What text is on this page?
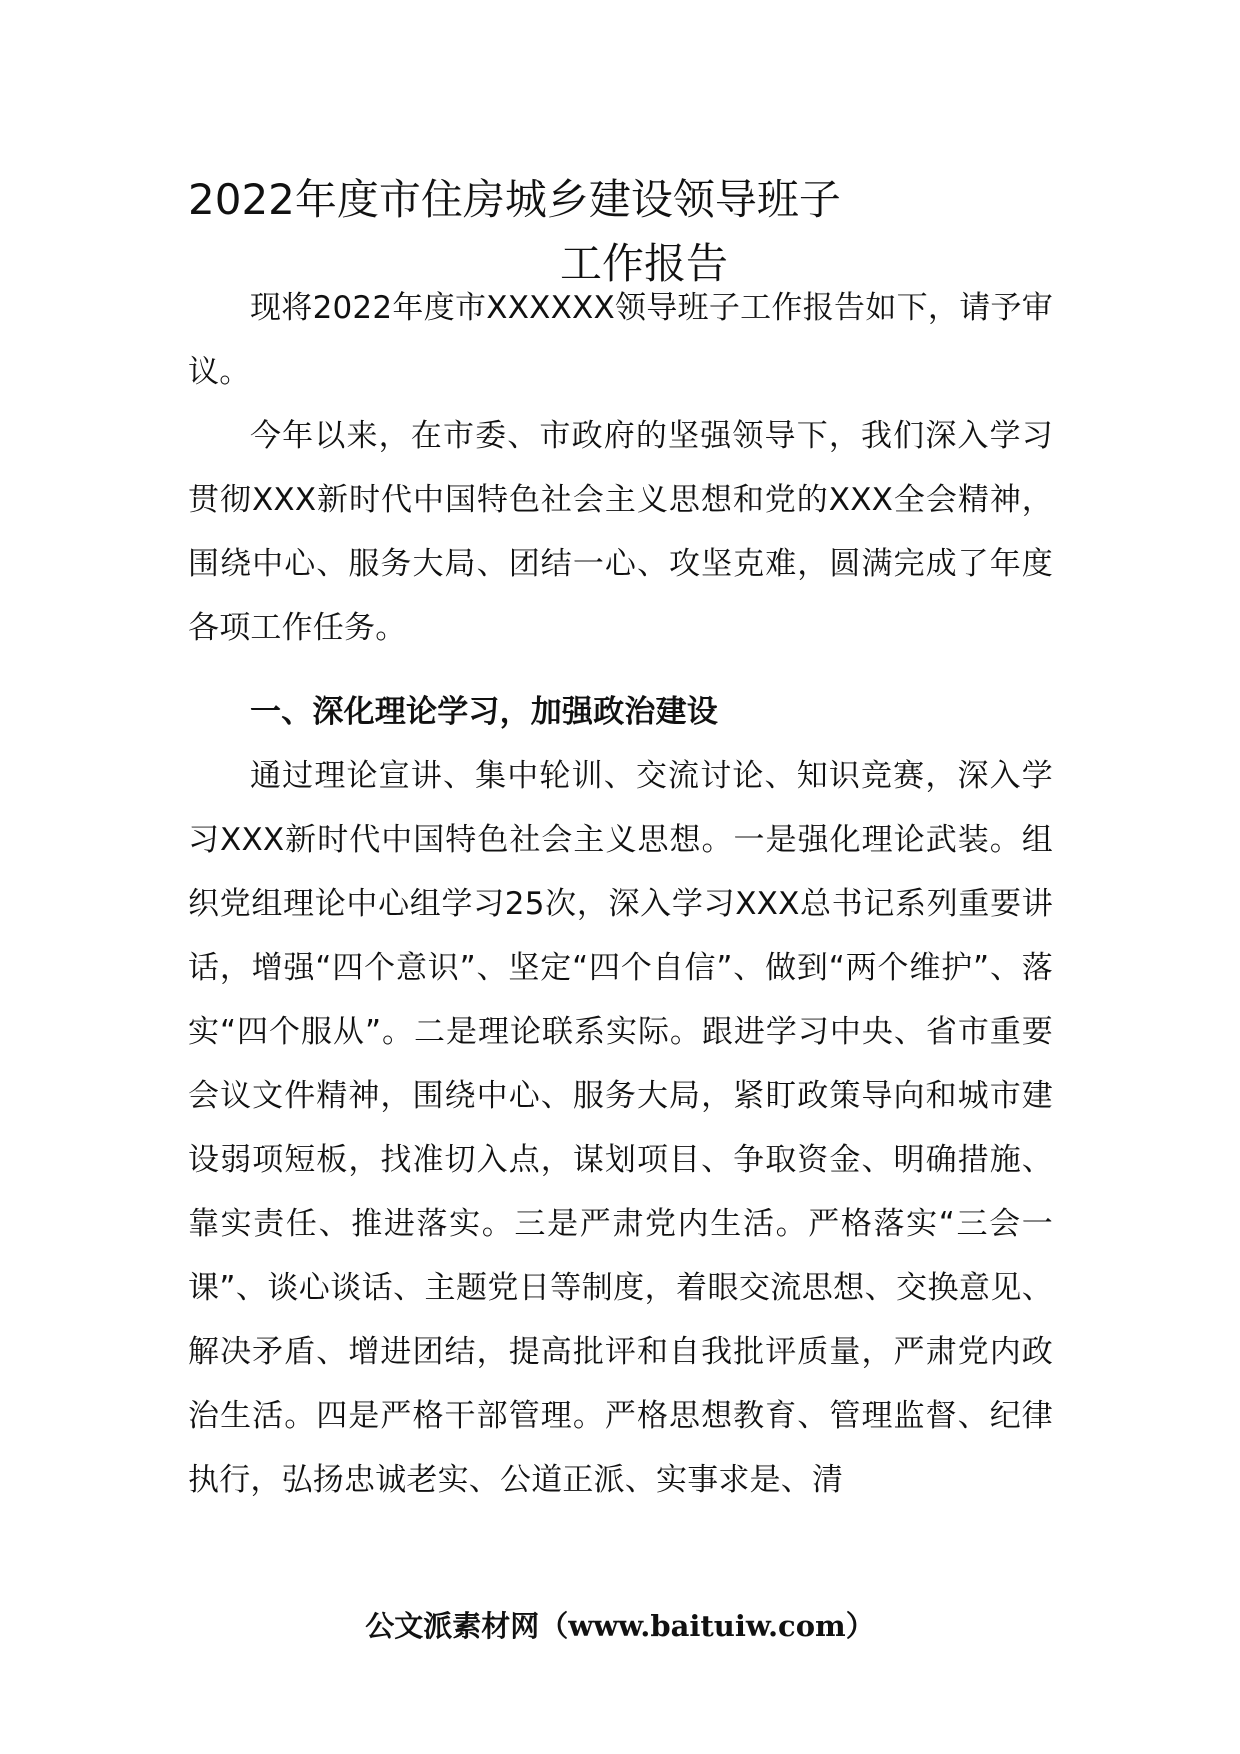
2022年度市住房城乡建设领导班子
工作报告

现将2022年度市XXXXXX领导班子工作报告如下，请予审议。

今年以来，在市委、市政府的坚强领导下，我们深入学习贯彻XXX新时代中国特色社会主义思想和党的XXX全会精神，围绕中心、服务大局、团结一心、攻坚克难，圆满完成了年度各项工作任务。

一、深化理论学习，加强政治建设

通过理论宣讲、集中轮训、交流讨论、知识竞赛，深入学习XXX新时代中国特色社会主义思想。一是强化理论武装。组织党组理论中心组学习25次，深入学习XXX总书记系列重要讲话，增强“四个意识”、坚定“四个自信”、做到“两个维护”、落实“四个服从”。二是理论联系实际。跟进学习中央、省市重要会议文件精神，围绕中心、服务大局，紧盯政策导向和城市建设弱项短板，找准切入点，谋划项目、争取资金、明确措施、靠实责任、推进落实。三是严肃党内生活。严格落实“三会一课”、谈心谈话、主题党日等制度，着眼交流思想、交换意见、解决矛盾、增进团结，提高批评和自我批评质量，严肃党内政治生活。四是严格干部管理。严格思想教育、管理监督、纪律执行，弘扬忠诚老实、公道正派、实事求是、清

公文派素材网（www.baituiw.com）
